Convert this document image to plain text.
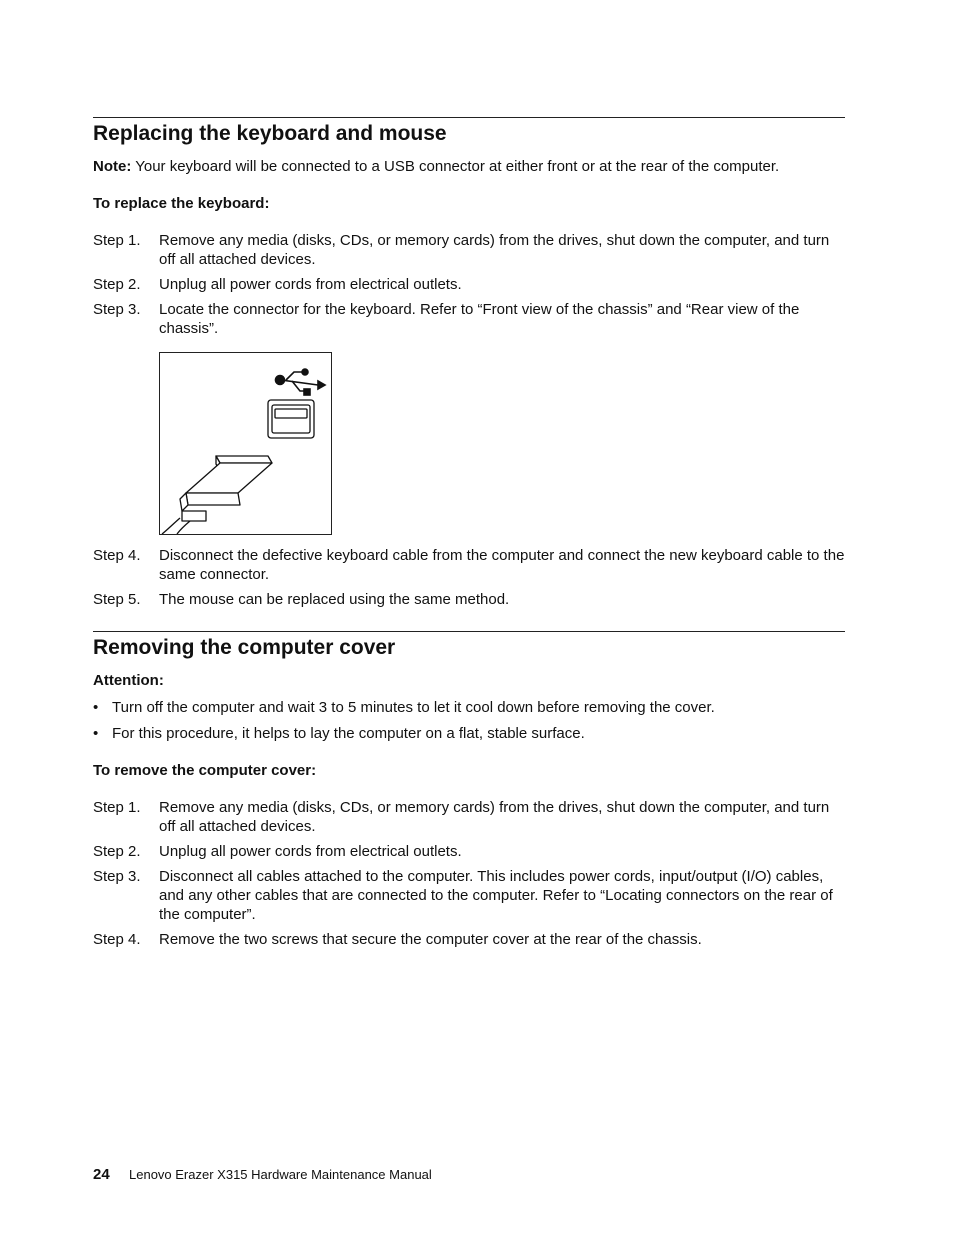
Replacing the keyboard and mouse

Note: Your keyboard will be connected to a USB connector at either front or at the rear of the computer.

To replace the keyboard:

Step 1.	Remove any media (disks, CDs, or memory cards) from the drives, shut down the computer, and turn off all attached devices.
Step 2.	Unplug all power cords from electrical outlets.
Step 3.	Locate the connector for the keyboard. Refer to “Front view of the chassis” and “Rear view of the chassis”.
Step 4.	Disconnect the defective keyboard cable from the computer and connect the new keyboard cable to the same connector.
Step 5.	The mouse can be replaced using the same method.
Removing the computer cover

Attention:

• Turn off the computer and wait 3 to 5 minutes to let it cool down before removing the cover.
• For this procedure, it helps to lay the computer on a flat, stable surface.

To remove the computer cover:

Step 1.	Remove any media (disks, CDs, or memory cards) from the drives, shut down the computer, and turn off all attached devices.
Step 2.	Unplug all power cords from electrical outlets.
Step 3.	Disconnect all cables attached to the computer. This includes power cords, input/output (I/O) cables, and any other cables that are connected to the computer. Refer to “Locating connectors on the rear of the computer”.
Step 4.	Remove the two screws that secure the computer cover at the rear of the chassis.
24	Lenovo Erazer X315 Hardware Maintenance Manual
